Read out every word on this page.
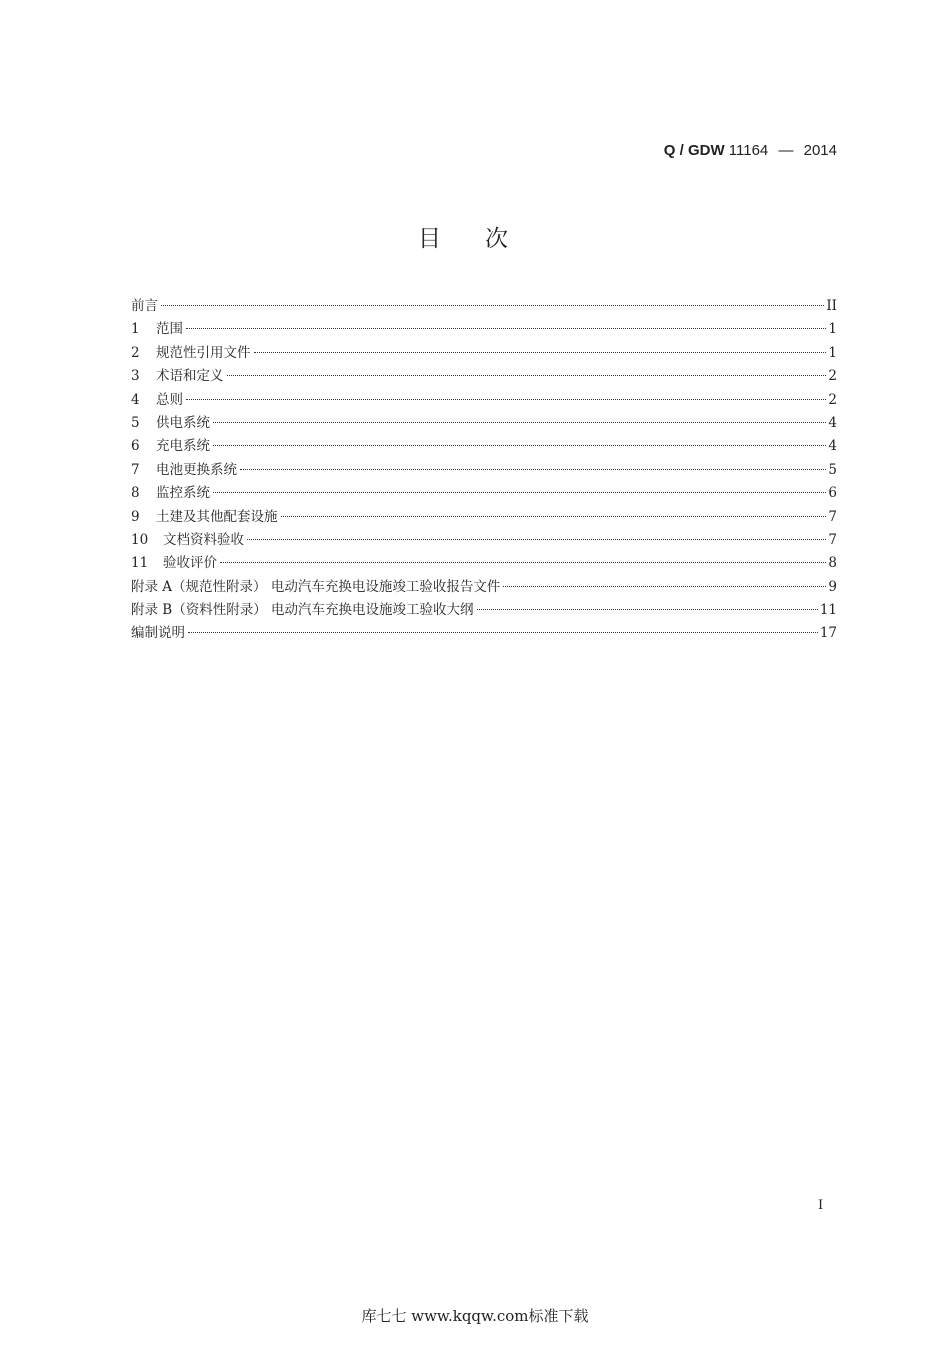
Q / GDW 11164 — 2014
目次
前言	II
1	范围	1
2	规范性引用文件	1
3	术语和定义	2
4	总则	2
5	供电系统	4
6	充电系统	4
7	电池更换系统	5
8	监控系统	6
9	土建及其他配套设施	7
10	文档资料验收	7
11	验收评价	8
附录 A（规范性附录） 电动汽车充换电设施竣工验收报告文件	9
附录 B（资料性附录） 电动汽车充换电设施竣工验收大纲	11
编制说明	17
I
库七七 www.kqqw.com标准下载
